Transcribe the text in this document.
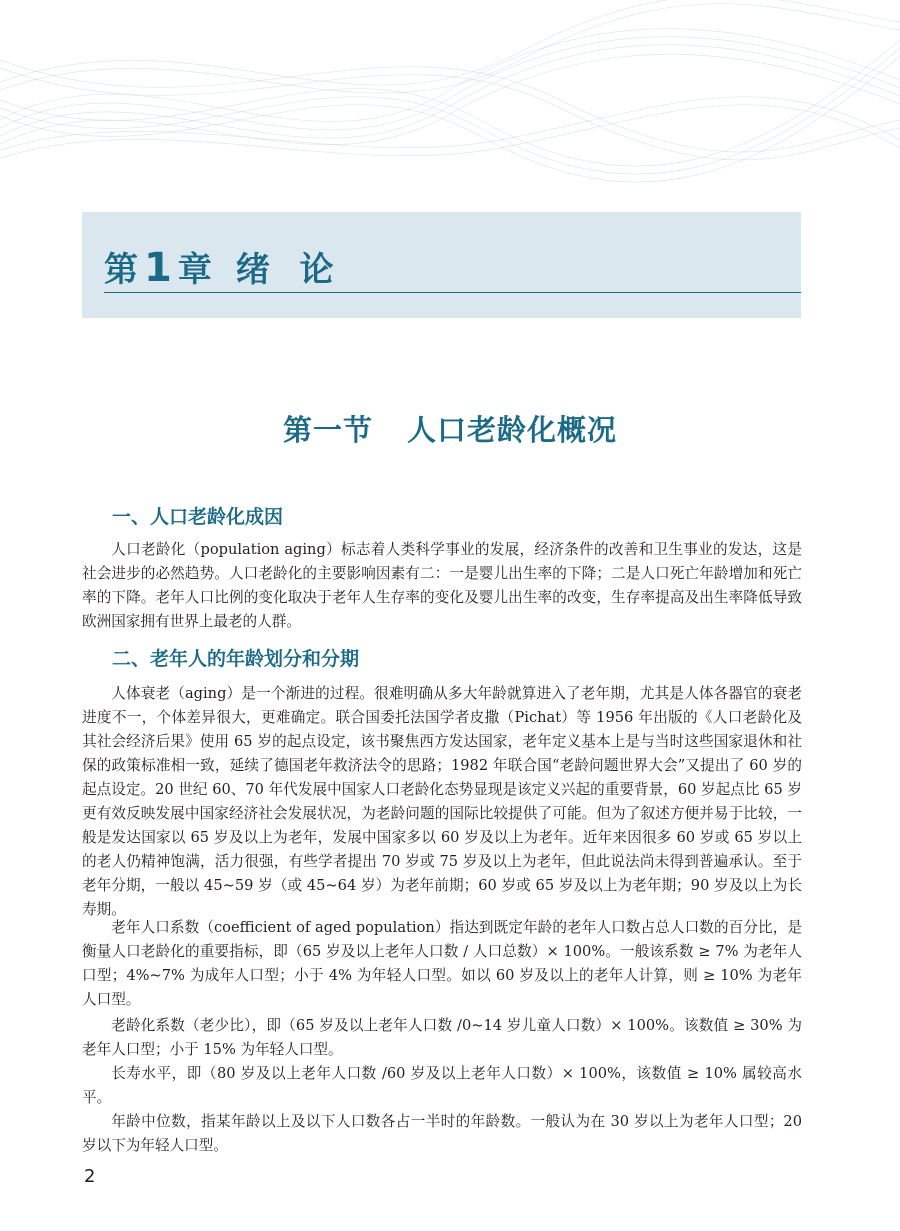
第 1 章 绪  论
第一节 人口老龄化概况
一、人口老龄化成因

人口老龄化（population aging）标志着人类科学事业的发展，经济条件的改善和卫生事业的发达，这是社会进步的必然趋势。人口老龄化的主要影响因素有二：一是婴儿出生率的下降；二是人口死亡年龄增加和死亡率的下降。老年人口比例的变化取决于老年人生存率的变化及婴儿出生率的改变，生存率提高及出生率降低导致欧洲国家拥有世界上最老的人群。

二、老年人的年龄划分和分期

人体衰老（aging）是一个渐进的过程。很难明确从多大年龄就算进入了老年期，尤其是人体各器官的衰老进度不一，个体差异很大，更难确定。联合国委托法国学者皮撒（Pichat）等 1956 年出版的《人口老龄化及其社会经济后果》使用 65 岁的起点设定，该书聚焦西方发达国家，老年定义基本上是与当时这些国家退休和社保的政策标准相一致，延续了德国老年救济法令的思路；1982 年联合国“老龄问题世界大会”又提出了 60 岁的起点设定。20 世纪 60、70 年代发展中国家人口老龄化态势显现是该定义兴起的重要背景，60 岁起点比 65 岁更有效反映发展中国家经济社会发展状况，为老龄问题的国际比较提供了可能。但为了叙述方便并易于比较，一般是发达国家以 65 岁及以上为老年，发展中国家多以 60 岁及以上为老年。近年来因很多 60 岁或 65 岁以上的老人仍精神饱满，活力很强，有些学者提出 70 岁或 75 岁及以上为老年，但此说法尚未得到普遍承认。至于老年分期，一般以 45~59 岁（或 45~64 岁）为老年前期；60 岁或 65 岁及以上为老年期；90 岁及以上为长寿期。

老年人口系数（coefficient of aged population）指达到既定年龄的老年人口数占总人口数的百分比，是衡量人口老龄化的重要指标，即（65 岁及以上老年人口数 / 人口总数）× 100%。一般该系数 ≥ 7% 为老年人口型；4%~7% 为成年人口型；小于 4% 为年轻人口型。如以 60 岁及以上的老年人计算，则 ≥ 10% 为老年人口型。

老龄化系数（老少比），即（65 岁及以上老年人口数 /0~14 岁儿童人口数）× 100%。该数值 ≥ 30% 为老年人口型；小于 15% 为年轻人口型。

长寿水平，即（80 岁及以上老年人口数 /60 岁及以上老年人口数）× 100%，该数值 ≥ 10% 属较高水平。

年龄中位数，指某年龄以上及以下人口数各占一半时的年龄数。一般认为在 30 岁以上为老年人口型；20 岁以下为年轻人口型。

2
